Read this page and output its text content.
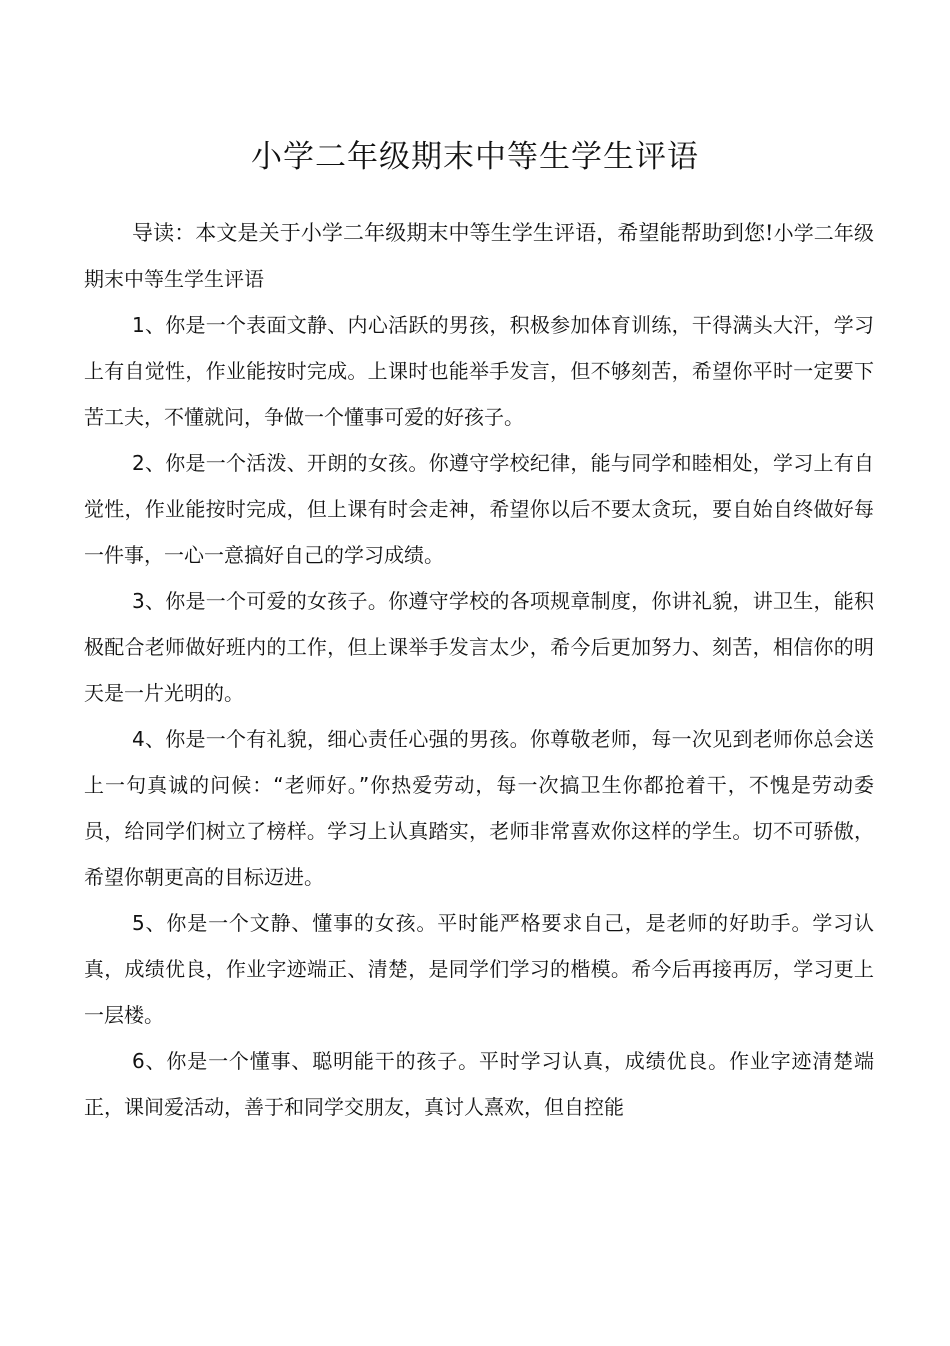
小学二年级期末中等生学生评语

导读：本文是关于小学二年级期末中等生学生评语，希望能帮助到您!小学二年级期末中等生学生评语

1、你是一个表面文静、内心活跃的男孩，积极参加体育训练，干得满头大汗，学习上有自觉性，作业能按时完成。上课时也能举手发言，但不够刻苦，希望你平时一定要下苦工夫，不懂就问，争做一个懂事可爱的好孩子。

2、你是一个活泼、开朗的女孩。你遵守学校纪律，能与同学和睦相处，学习上有自觉性，作业能按时完成，但上课有时会走神，希望你以后不要太贪玩，要自始自终做好每一件事，一心一意搞好自己的学习成绩。

3、你是一个可爱的女孩子。你遵守学校的各项规章制度，你讲礼貌，讲卫生，能积极配合老师做好班内的工作，但上课举手发言太少，希今后更加努力、刻苦，相信你的明天是一片光明的。

4、你是一个有礼貌，细心责任心强的男孩。你尊敬老师，每一次见到老师你总会送上一句真诚的问候：“老师好。”你热爱劳动，每一次搞卫生你都抢着干，不愧是劳动委员，给同学们树立了榜样。学习上认真踏实，老师非常喜欢你这样的学生。切不可骄傲，希望你朝更高的目标迈进。

5、你是一个文静、懂事的女孩。平时能严格要求自己，是老师的好助手。学习认真，成绩优良，作业字迹端正、清楚，是同学们学习的楷模。希今后再接再厉，学习更上一层楼。

6、你是一个懂事、聪明能干的孩子。平时学习认真，成绩优良。作业字迹清楚端正，课间爱活动，善于和同学交朋友，真讨人熹欢，但自控能
